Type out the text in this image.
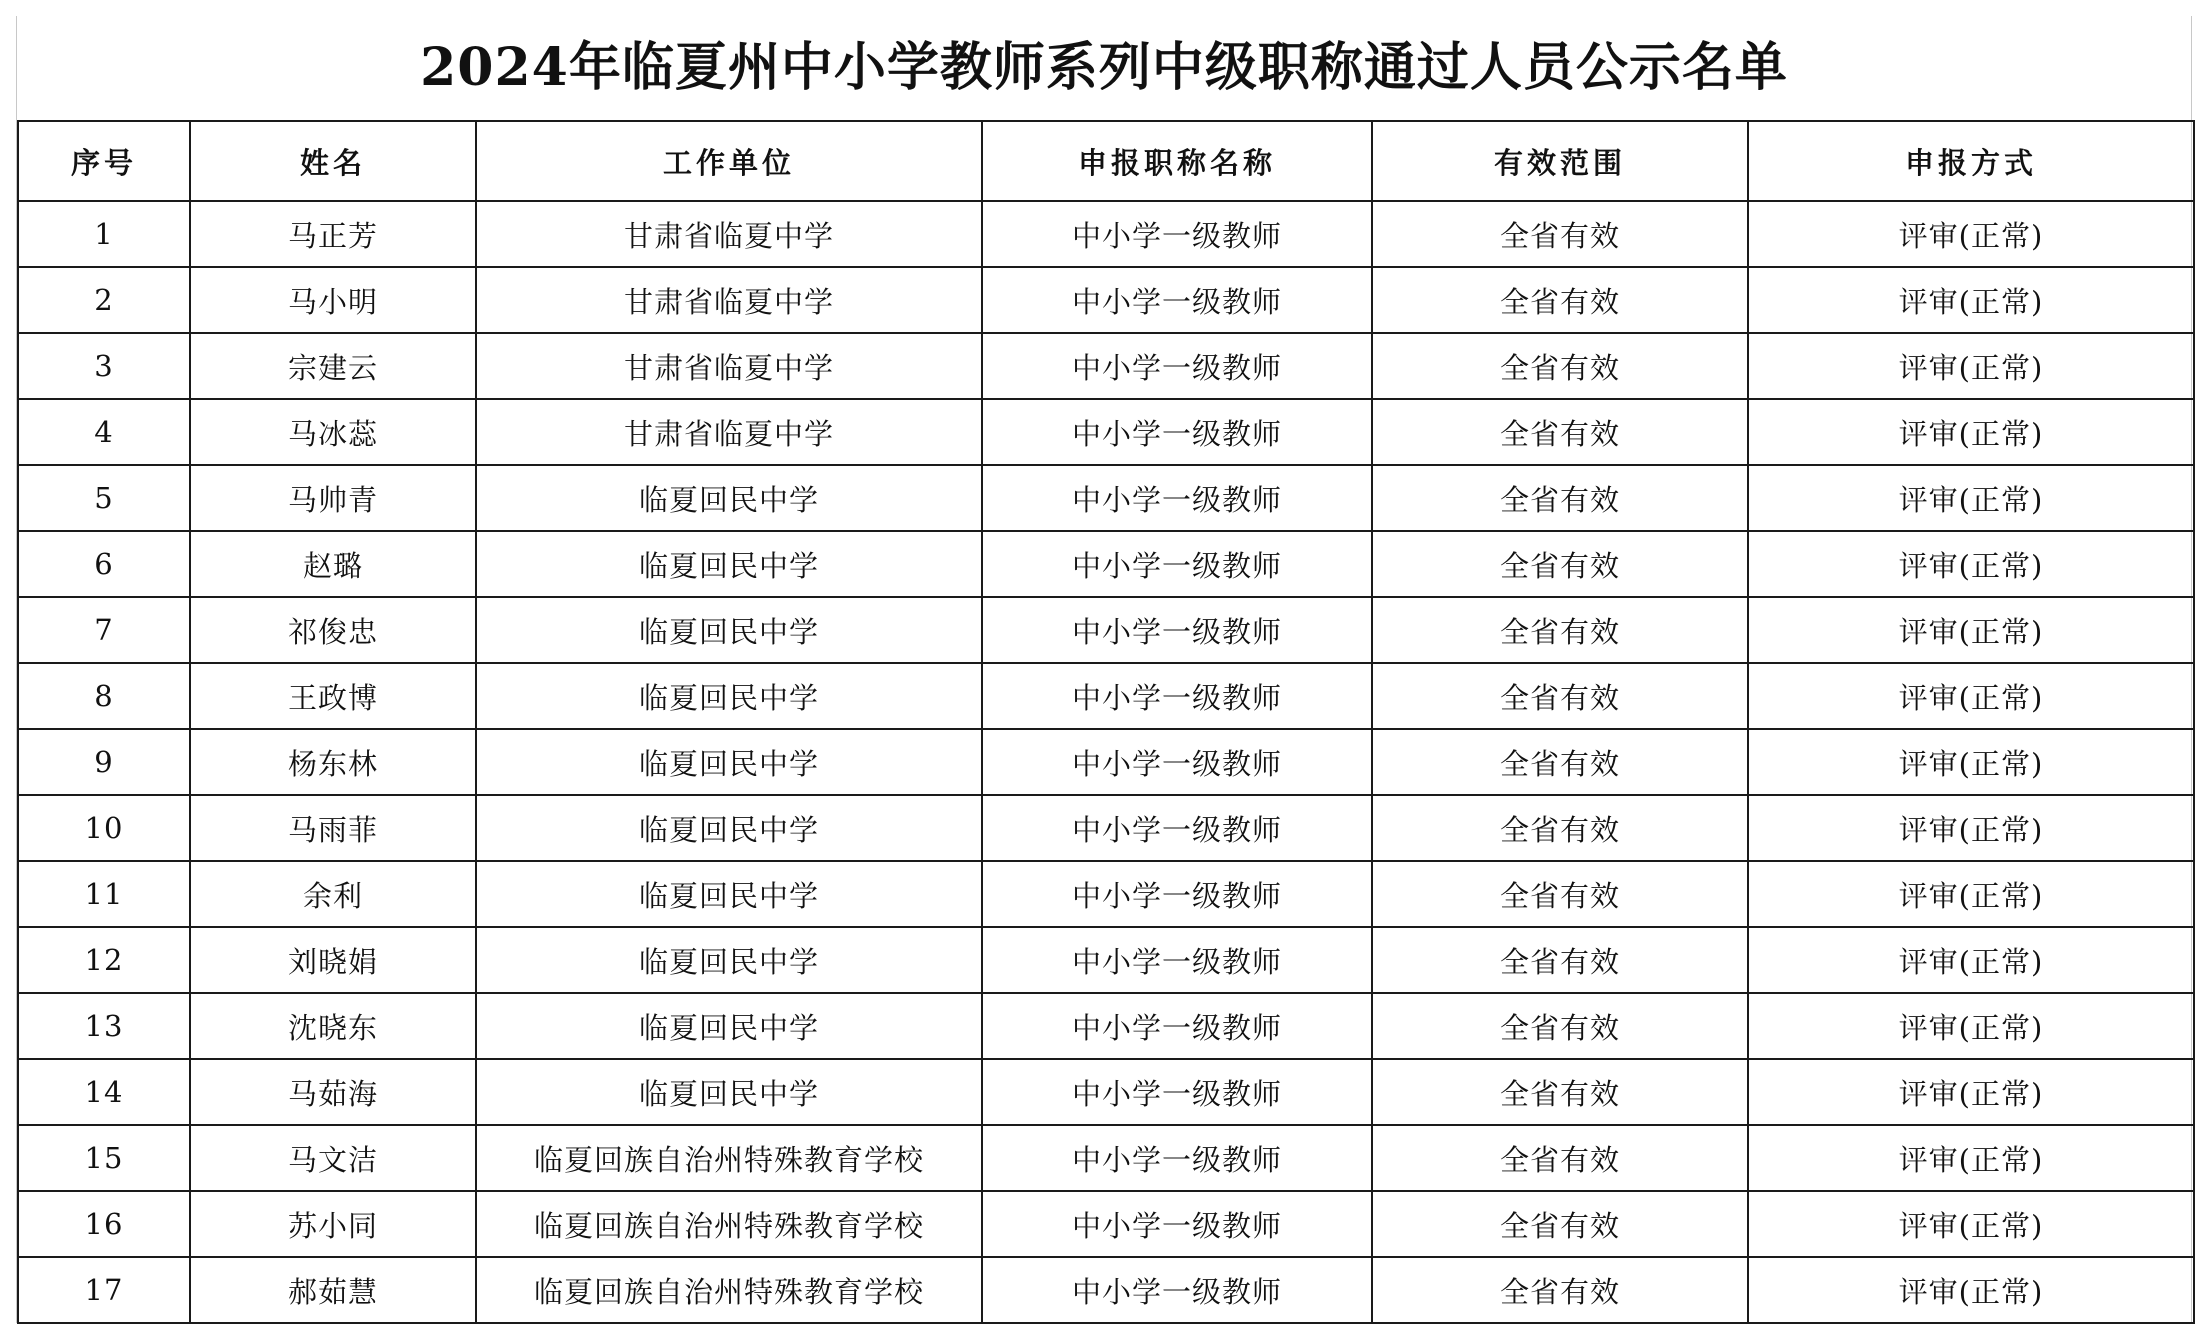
2024年临夏州中小学教师系列中级职称通过人员公示名单
序号	姓名	工作单位	申报职称名称	有效范围	申报方式
1	马正芳	甘肃省临夏中学	中小学一级教师	全省有效	评审(正常)
2	马小明	甘肃省临夏中学	中小学一级教师	全省有效	评审(正常)
3	宗建云	甘肃省临夏中学	中小学一级教师	全省有效	评审(正常)
4	马冰蕊	甘肃省临夏中学	中小学一级教师	全省有效	评审(正常)
5	马帅青	临夏回民中学	中小学一级教师	全省有效	评审(正常)
6	赵璐	临夏回民中学	中小学一级教师	全省有效	评审(正常)
7	祁俊忠	临夏回民中学	中小学一级教师	全省有效	评审(正常)
8	王政博	临夏回民中学	中小学一级教师	全省有效	评审(正常)
9	杨东林	临夏回民中学	中小学一级教师	全省有效	评审(正常)
10	马雨菲	临夏回民中学	中小学一级教师	全省有效	评审(正常)
11	余利	临夏回民中学	中小学一级教师	全省有效	评审(正常)
12	刘晓娟	临夏回民中学	中小学一级教师	全省有效	评审(正常)
13	沈晓东	临夏回民中学	中小学一级教师	全省有效	评审(正常)
14	马茹海	临夏回民中学	中小学一级教师	全省有效	评审(正常)
15	马文洁	临夏回族自治州特殊教育学校	中小学一级教师	全省有效	评审(正常)
16	苏小同	临夏回族自治州特殊教育学校	中小学一级教师	全省有效	评审(正常)
17	郝茹慧	临夏回族自治州特殊教育学校	中小学一级教师	全省有效	评审(正常)
